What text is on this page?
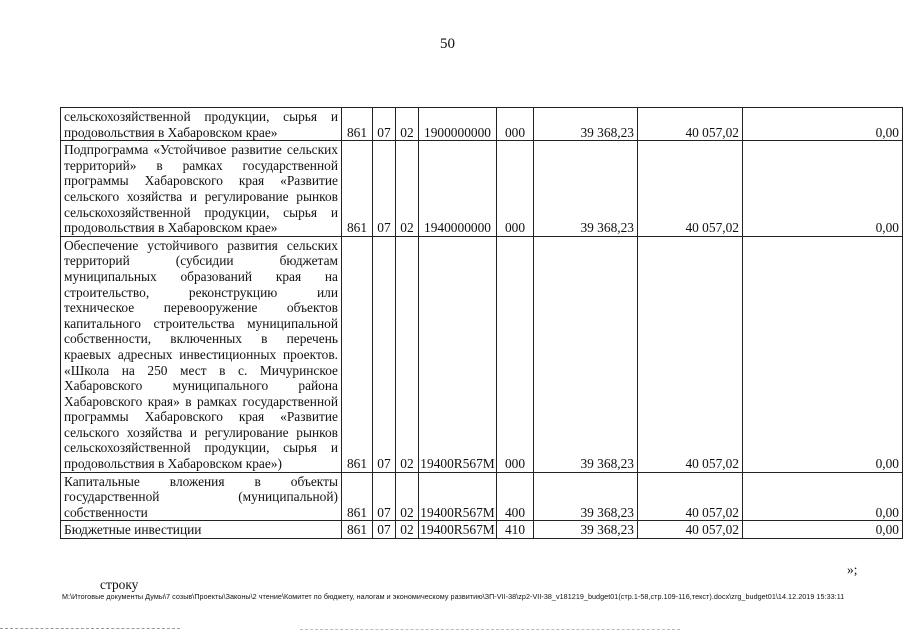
50
сельскохозяйственной продукции, сырья и продовольствия в Хабаровском крае»	861	07	02	1900000000	000	39 368,23	40 057,02	0,00
Подпрограмма «Устойчивое развитие сельских территорий» в рамках государственной программы Хабаровского края «Развитие сельского хозяйства и регулирование рынков сельскохозяйственной продукции, сырья и продовольствия в Хабаровском крае»	861	07	02	1940000000	000	39 368,23	40 057,02	0,00
Обеспечение устойчивого развития сельских территорий (субсидии бюджетам муниципальных образований края на строительство, реконструкцию или техническое перевооружение объектов капитального строительства муниципальной собственности, включенных в перечень краевых адресных инвестиционных проектов. «Школа на 250 мест в с. Мичуринское Хабаровского муниципального района Хабаровского края» в рамках государственной программы Хабаровского края «Развитие сельского хозяйства и регулирование рынков сельскохозяйственной продукции, сырья и продовольствия в Хабаровском крае»)	861	07	02	19400R567M	000	39 368,23	40 057,02	0,00
Капитальные вложения в объекты государственной (муниципальной) собственности	861	07	02	19400R567M	400	39 368,23	40 057,02	0,00
Бюджетные инвестиции	861	07	02	19400R567M	410	39 368,23	40 057,02	0,00
»;
строку
M:\Итоговые документы Думы\7 созыв\Проекты\Законы\2 чтение\Комитет по бюджету, налогам и экономическому развитию\ЗП-VII-38\zp2-VII-38_v181219_budget01(стр.1-58,стр.109-116,текст).docx\zrg_budget01\14.12.2019 15:33:11
